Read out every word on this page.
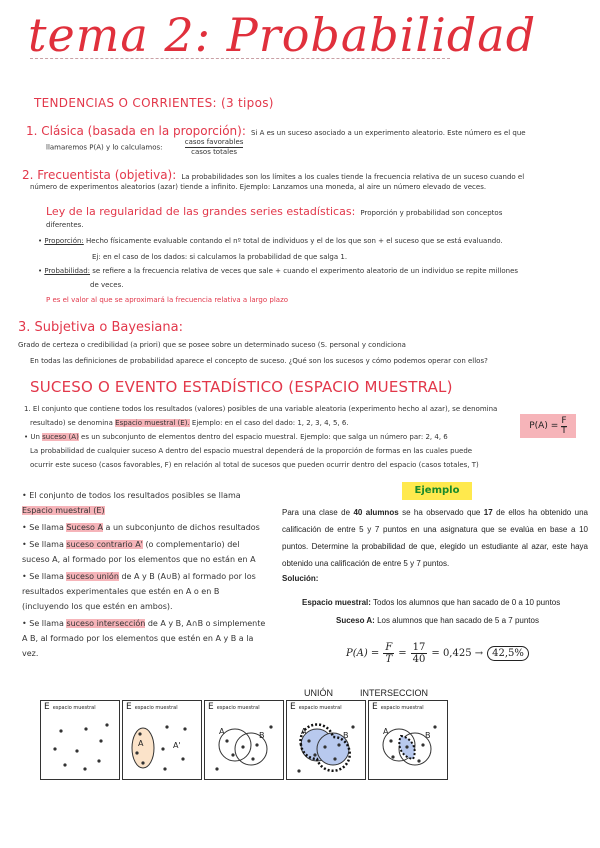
tema 2: Probabilidad
TENDENCIAS O CORRIENTES: (3 tipos)
1. Clásica (basada en la proporción): Si A es un suceso asociado a un experimento aleatorio. Este número es el que
llamaremos P(A) y lo calculamos:
casos favorables
casos totales
2. Frecuentista (objetiva): La probabilidades son los límites a los cuales tiende la frecuencia relativa de un suceso cuando el
número de experimentos aleatorios (azar) tiende a infinito. Ejemplo: Lanzamos una moneda, al aire un número elevado de veces.
Ley de la regularidad de las grandes series estadísticas: Proporción y probabilidad son conceptos
diferentes.
• Proporción: Hecho físicamente evaluable contando el nº total de individuos y el de los que son + el suceso que se está evaluando.
Ej: en el caso de los dados: si calculamos la probabilidad de que salga 1.
• Probabilidad: se refiere a la frecuencia relativa de veces que sale + cuando el experimento aleatorio de un individuo se repite millones
de veces.
P es el valor al que se aproximará la frecuencia relativa a largo plazo
3. Subjetiva o Bayesiana:
Grado de certeza o credibilidad (a priori) que se posee sobre un determinado suceso (S. personal y condiciona
En todas las definiciones de probabilidad aparece el concepto de suceso. ¿Qué son los sucesos y cómo podemos operar con ellos?
SUCESO O EVENTO ESTADÍSTICO (ESPACIO MUESTRAL)
1. El conjunto que contiene todos los resultados (valores) posibles de una variable aleatoria (experimento hecho al azar), se denomina
resultado) se denomina Espacio muestral (E). Ejemplo: en el caso del dado: 1, 2, 3, 4, 5, 6.	$P(A) = \frac{F}{T}$
• Un suceso (A) es un subconjunto de elementos dentro del espacio muestral. Ejemplo: que salga un número par: 2, 4, 6
La probabilidad de cualquier suceso A dentro del espacio muestral dependerá de la proporción de formas en las cuales puede
ocurrir este suceso (casos favorables, F) en relación al total de sucesos que pueden ocurrir dentro del espacio (casos totales, T)
• El conjunto de todos los resultados posibles se llama Espacio muestral (E)
• Se llama Suceso A a un subconjunto de dichos resultados
• Se llama suceso contrario A' (o complementario) del suceso A, al formado por los elementos que no están en A
• Se llama suceso unión de A y B (A∪B) al formado por los resultados experimentales que estén en A o en B (incluyendo los que estén en ambos).
• Se llama suceso intersección de A y B, A∩B o simplemente A B, al formado por los elementos que estén en A y B a la vez.
Ejemplo
Para una clase de 40 alumnos se ha observado que 17 de ellos ha obtenido una calificación de entre 5 y 7 puntos en una asignatura que se evalúa en base a 10 puntos. Determine la probabilidad de que, elegido un estudiante al azar, este haya obtenido una calificación de entre 5 y 7 puntos.
Solución:
Espacio muestral: Todos los alumnos que han sacado de 0 a 10 puntos
Suceso A: Los alumnos que han sacado de 5 a 7 puntos
$P(A) = \frac{F}{T} = \frac{17}{40} = 0,425 \to 42,5\%$
UNIÓN	INTERSECCION
Eespacio muestral	Eespacio muestral
A	A'
Eespacio muestral
A	B
Eespacio muestral
A	B
Eespacio muestral
A	B
